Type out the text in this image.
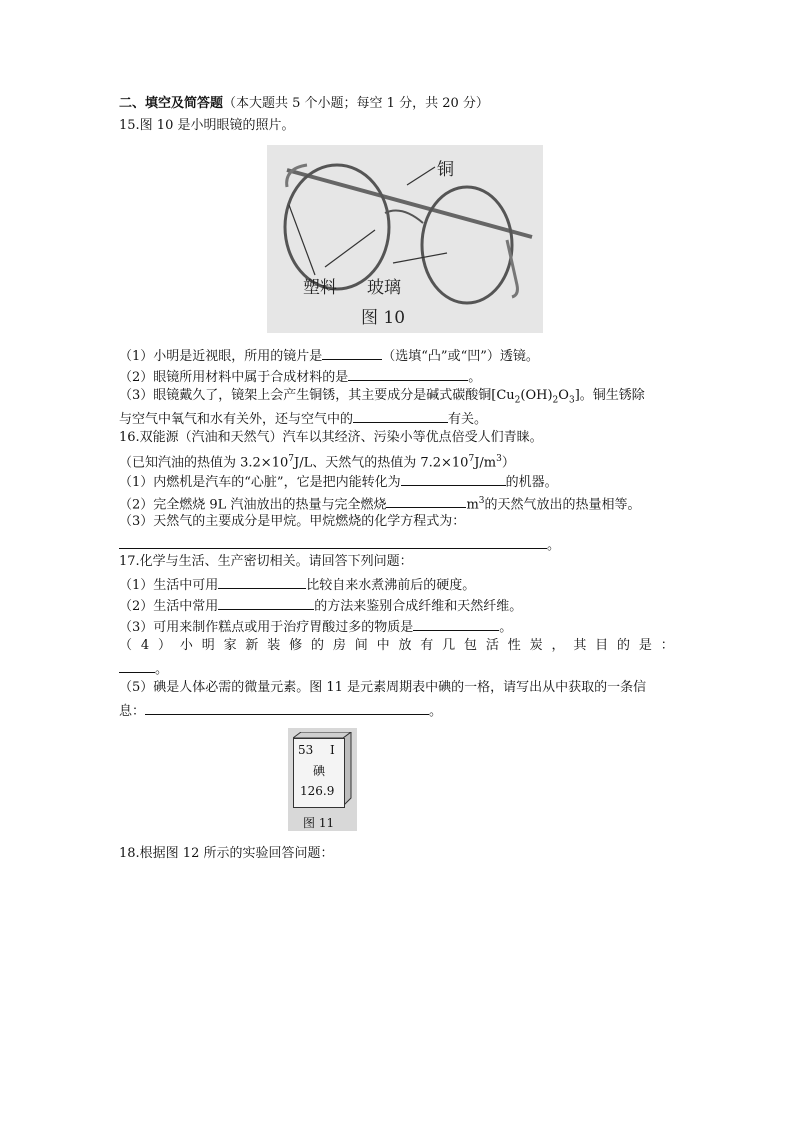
二、填空及简答题（本大题共 5 个小题；每空 1 分，共 20 分）
15.图 10 是小明眼镜的照片。
铜
塑料 玻璃
图 10
（1）小明是近视眼，所用的镜片是	（选填“凸”或“凹”）透镜。
（2）眼镜所用材料中属于合成材料的是	。
（3）眼镜戴久了，镜架上会产生铜锈，其主要成分是碱式碳酸铜$[Cu_2(OH)_2O_3]$。铜生锈除
与空气中氧气和水有关外，还与空气中的	有关。
16.双能源（汽油和天然气）汽车以其经济、污染小等优点倍受人们青睐。
（已知汽油的热值为 $3.2\times 10^7J/L$、天然气的热值为 $7.2\times 10^7J/m^3$）
（1）内燃机是汽车的“心脏”，它是把内能转化为	的机器。
（2）完全燃烧 9L 汽油放出的热量与完全燃烧	$m^3$的天然气放出的热量相等。
（3）天然气的主要成分是甲烷。甲烷燃烧的化学方程式为：
。
17.化学与生活、生产密切相关。请回答下列问题：
（1）生活中可用	比较自来水煮沸前后的硬度。
（2）生活中常用	的方法来鉴别合成纤维和天然纤维。
（3）可用来制作糕点或用于治疗胃酸过多的物质是	。
（ 4 ） 小 明 家 新 装 修 的 房 间 中 放 有 几 包 活 性 炭 ， 其 目 的 是 ：
。
（5）碘是人体必需的微量元素。图 11 是元素周期表中碘的一格，请写出从中获取的一条信
息：	。
53 I
碘
126.9
图 11
18.根据图 12 所示的实验回答问题：
